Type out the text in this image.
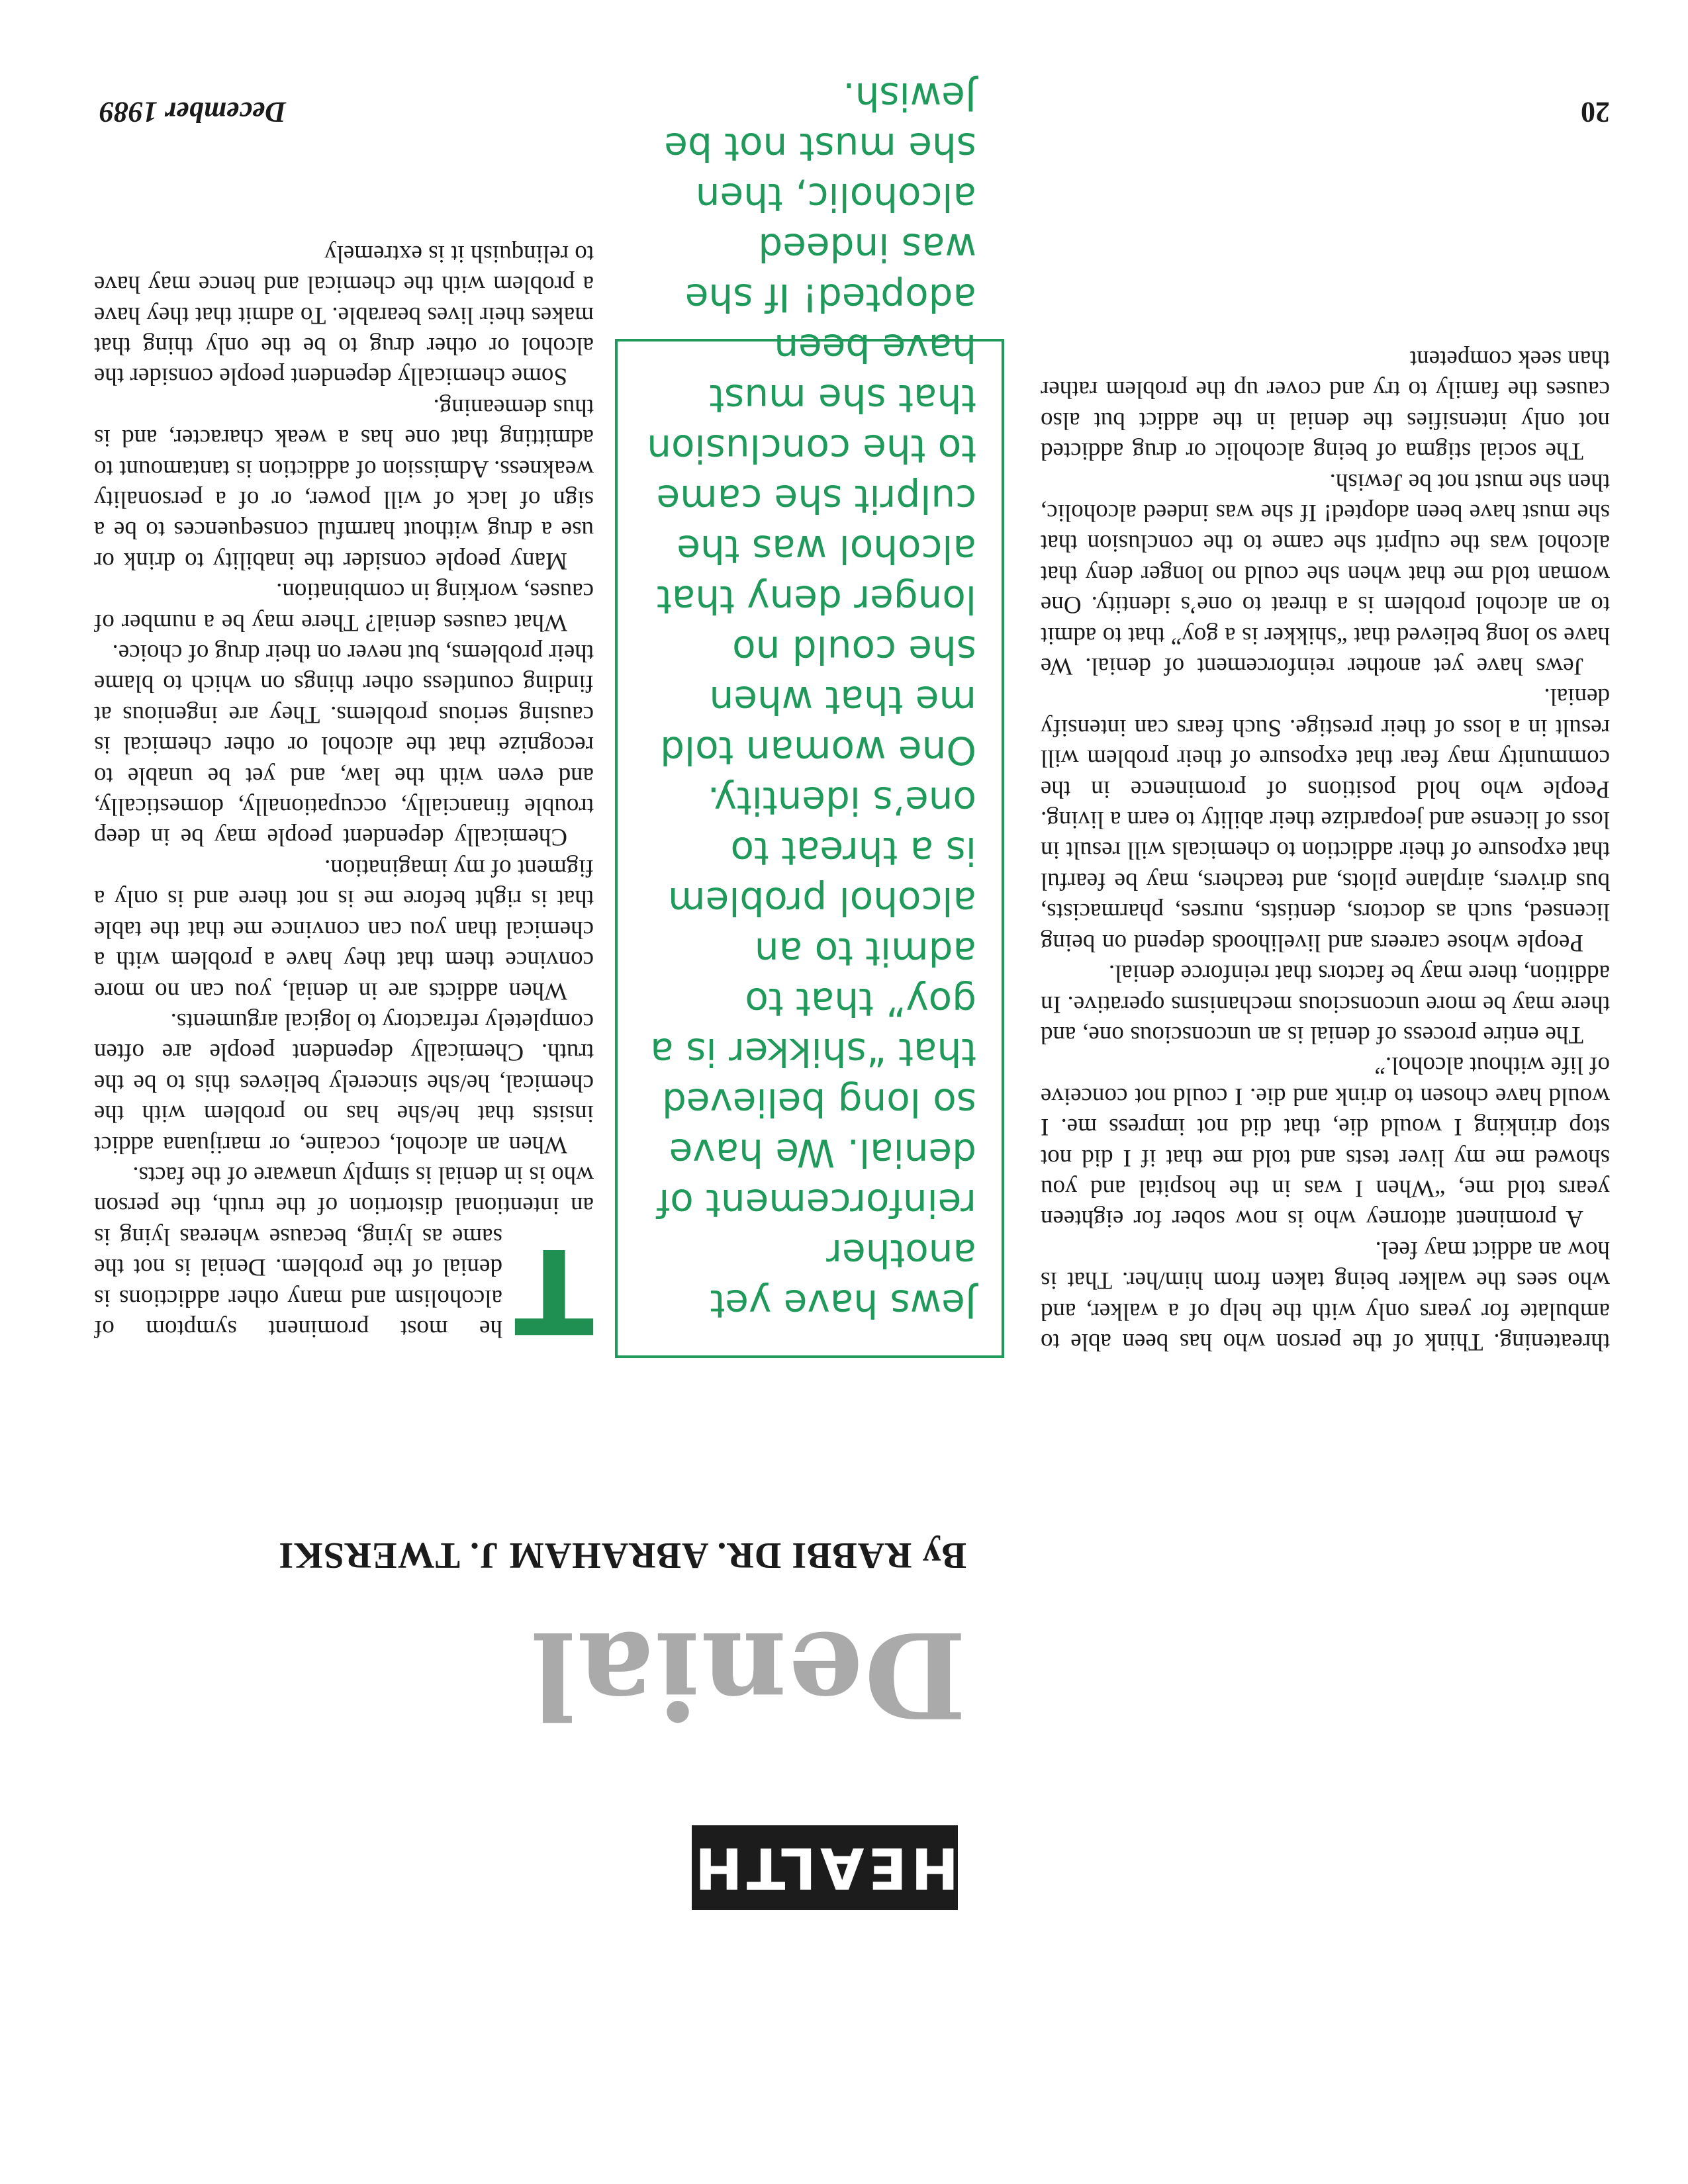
HEALTH
Denial
By RABBI DR. ABRAHAM J. TWERSKI

T
he most prominent symptom of alcoholism and many other addictions is denial of the problem. Denial is not the same as lying, because whereas lying is an intentional distortion of the truth, the person who is in denial is simply unaware of the facts.

When an alcohol, cocaine, or marijuana addict insists that he/she has no problem with the chemical, he/she sincerely believes this to be the truth. Chemically dependent people are often completely refractory to logical arguments.

When addicts are in denial, you can no more convince them that they have a problem with a chemical than you can convince me that the table that is right before me is not there and is only a figment of my imagination.

Chemically dependent people may be in deep trouble financially, occupationally, domestically, and even with the law, and yet be unable to recognize that the alcohol or other chemical is causing serious problems. They are ingenious at finding countless other things on which to blame their problems, but never on their drug of choice.

What causes denial? There may be a number of causes, working in combination.

Many people consider the inability to drink or use a drug without harmful consequences to be a sign of lack of will power, or of a personality weakness. Admission of addiction is tantamount to admitting that one has a weak character, and is thus demeaning.

Some chemically dependent people consider the alcohol or other drug to be the only thing that makes their lives bearable. To admit that they have a problem with the chemical and hence may have to relinquish it is extremely

Jews have yet another reinforcement of denial. We have so long believed that “shikker is a goy” that to admit to an alcohol problem is a threat to one’s identity. One woman told me that when she could no longer deny that alcohol was the culprit she came to the conclusion that she must have been adopted! If she was indeed alcoholic, then she must not be Jewish.

threatening. Think of the person who has been able to ambulate for years only with the help of a walker, and who sees the walker being taken from him/her. That is how an addict may feel.

A prominent attorney who is now sober for eighteen years told me, “When I was in the hospital and you showed me my liver tests and told me that if I did not stop drinking I would die, that did not impress me. I would have chosen to drink and die. I could not conceive of life without alcohol.”

The entire process of denial is an unconscious one, and there may be more unconscious mechanisms operative. In addition, there may be factors that reinforce denial.

People whose careers and livelihoods depend on being licensed, such as doctors, dentists, nurses, pharmacists, bus drivers, airplane pilots, and teachers, may be fearful that exposure of their addiction to chemicals will result in loss of license and jeopardize their ability to earn a living. People who hold positions of prominence in the community may fear that exposure of their problem will result in a loss of their prestige. Such fears can intensify denial.

Jews have yet another reinforcement of denial. We have so long believed that “shikker is a goy” that to admit to an alcohol problem is a threat to one’s identity. One woman told me that when she could no longer deny that alcohol was the culprit she came to the conclusion that she must have been adopted! If she was indeed alcoholic, then she must not be Jewish.

The social stigma of being alcoholic or drug addicted not only intensifies the denial in the addict but also causes the family to try and cover up the problem rather than seek competent

December 1989	20
